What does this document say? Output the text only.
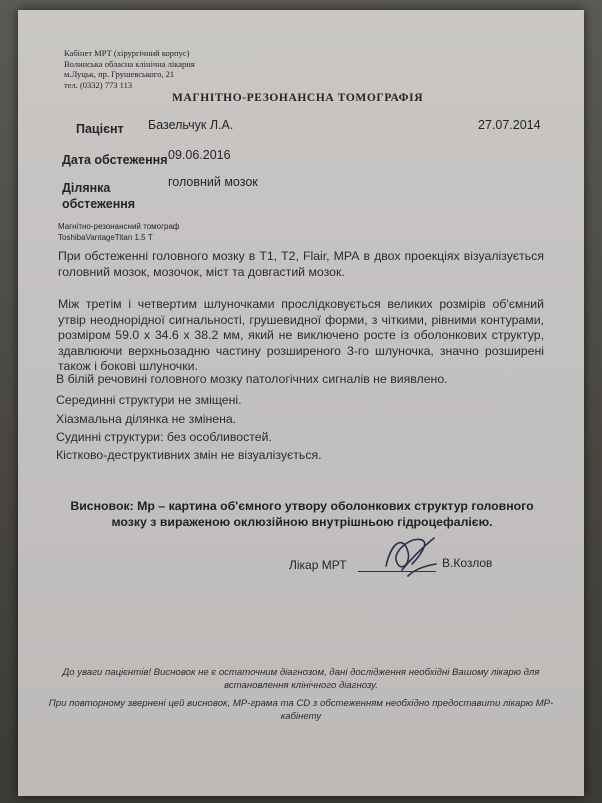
Кабінет МРТ (хірургічний корпус)
Волинська обласна клінічна лікарня
м.Луцьк, пр. Грушевського, 21
тел. (0332) 773 113
МАГНІТНО-РЕЗОНАНСНА ТОМОГРАФІЯ
Пацієнт Базельчук Л.А.	27.07.2014
Дата обстеження 09.06.2016
Ділянка обстеження
головний мозок
Магнітно-резонансний томограф
ToshibaVantageTitan 1.5 Т
При обстеженні головного мозку в Т1, Т2, Flair, МРА в двох проекціях візуалізується головний мозок, мозочок, міст та довгастий мозок.
Між третім і четвертим шлуночками прослідковується великих розмірів об'ємний утвір неоднорідної сигнальності, грушевидної форми, з чіткими, рівними контурами, розміром 59.0 х 34.6 х 38.2 мм, який не виключено росте із оболонкових структур, здавлюючи верхньозадню частину розширеного 3-го шлуночка, значно розширені також і бокові шлуночки.
В білій речовині головного мозку патологічних сигналів не виявлено.
Серединні структури не зміщені.
Хіазмальна ділянка не змінена.
Судинні структури: без особливостей.
Кістково-деструктивних змін не візуалізується.
Висновок: Мр – картина об'ємного утвору оболонкових структур головного мозку з вираженою оклюзійною внутрішньою гідроцефалією.
Лікар МРТ	В.Козлов
До уваги пацієнтів! Висновок не є остаточним діагнозом, дані дослідження необхідні Вашому лікарю для встановлення клінічного діагнозу.
При повторному звернені цей висновок, МР-грама та CD з обстеженням необхідно предоставити лікарю МР-кабінету
